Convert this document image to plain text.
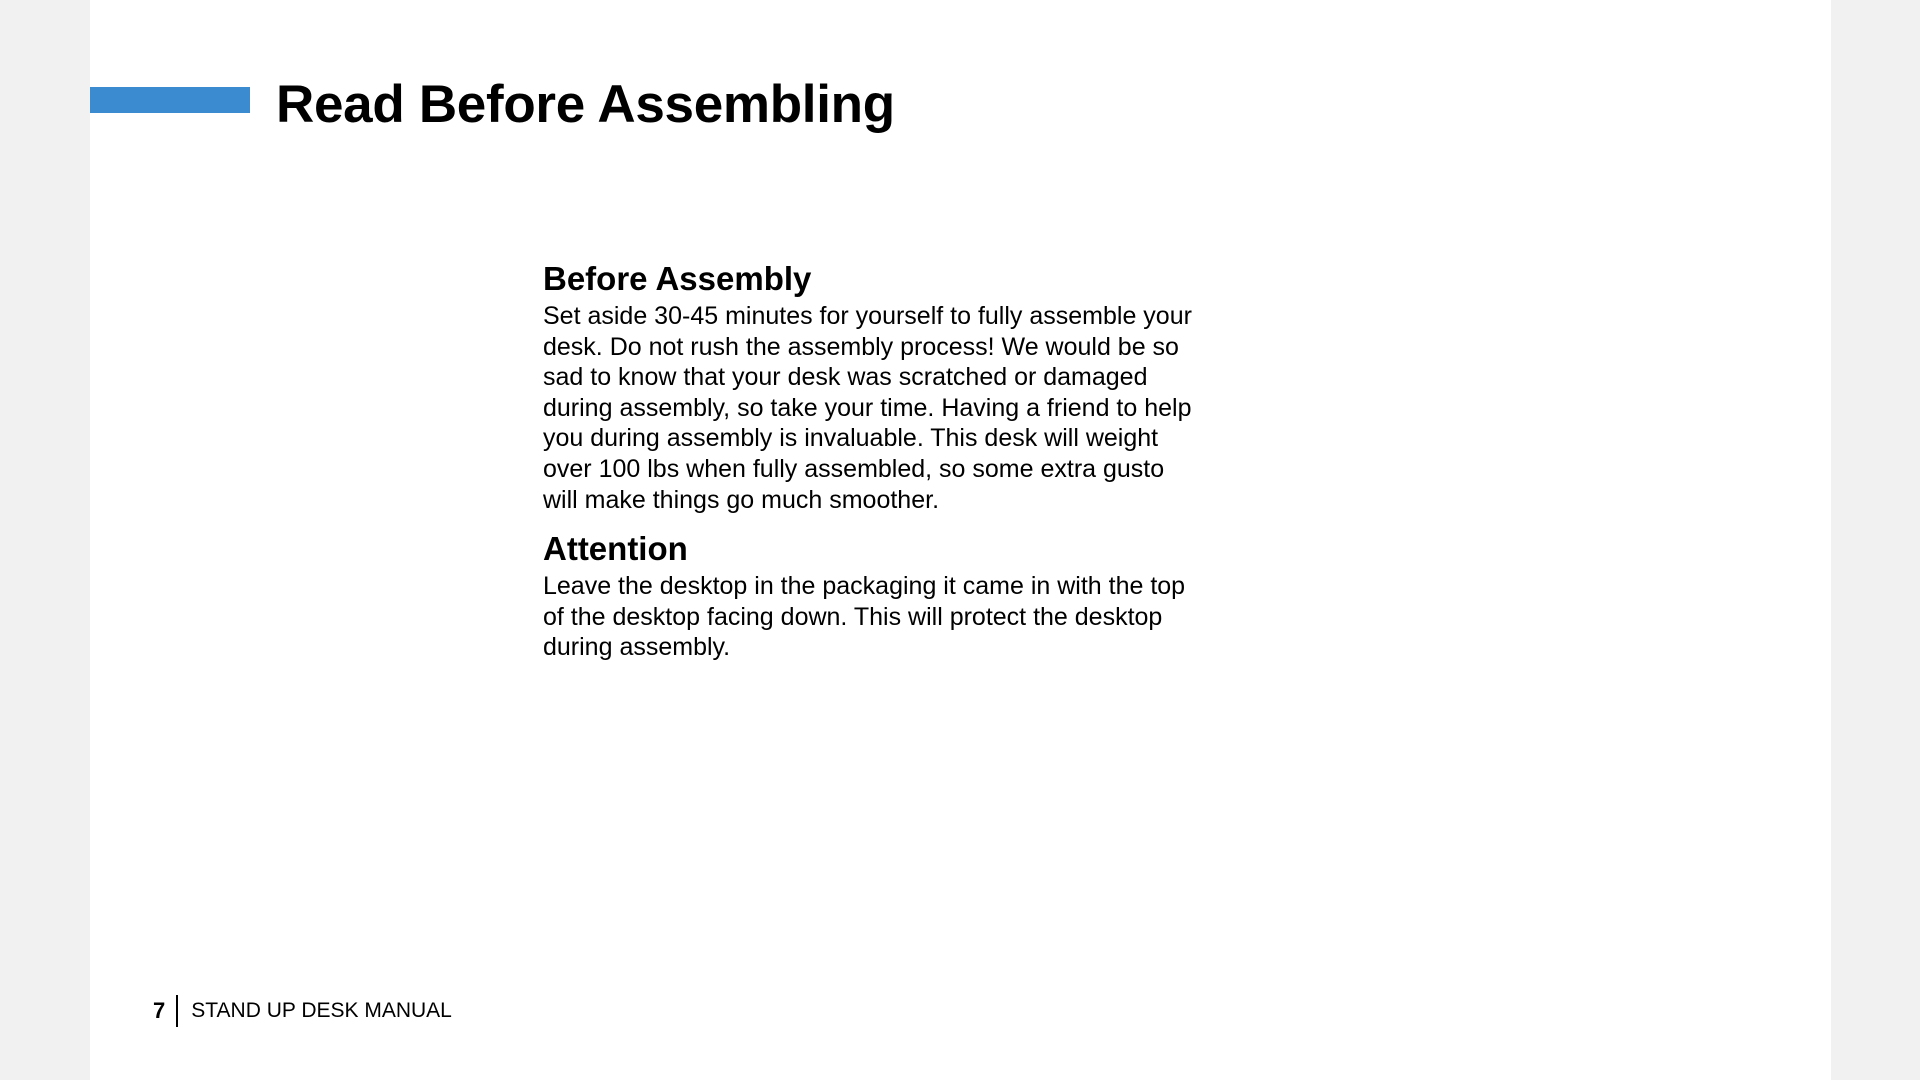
Read Before Assembling
Before Assembly

Set aside 30-45 minutes for yourself to fully assemble your
desk. Do not rush the assembly process! We would be so
sad to know that your desk was scratched or damaged
during assembly, so take your time. Having a friend to help
you during assembly is invaluable. This desk will weight
over 100 lbs when fully assembled, so some extra gusto
will make things go much smoother.

Attention

Leave the desktop in the packaging it came in with the top
of the desktop facing down. This will protect the desktop
during assembly.

7 STAND UP DESK MANUAL
